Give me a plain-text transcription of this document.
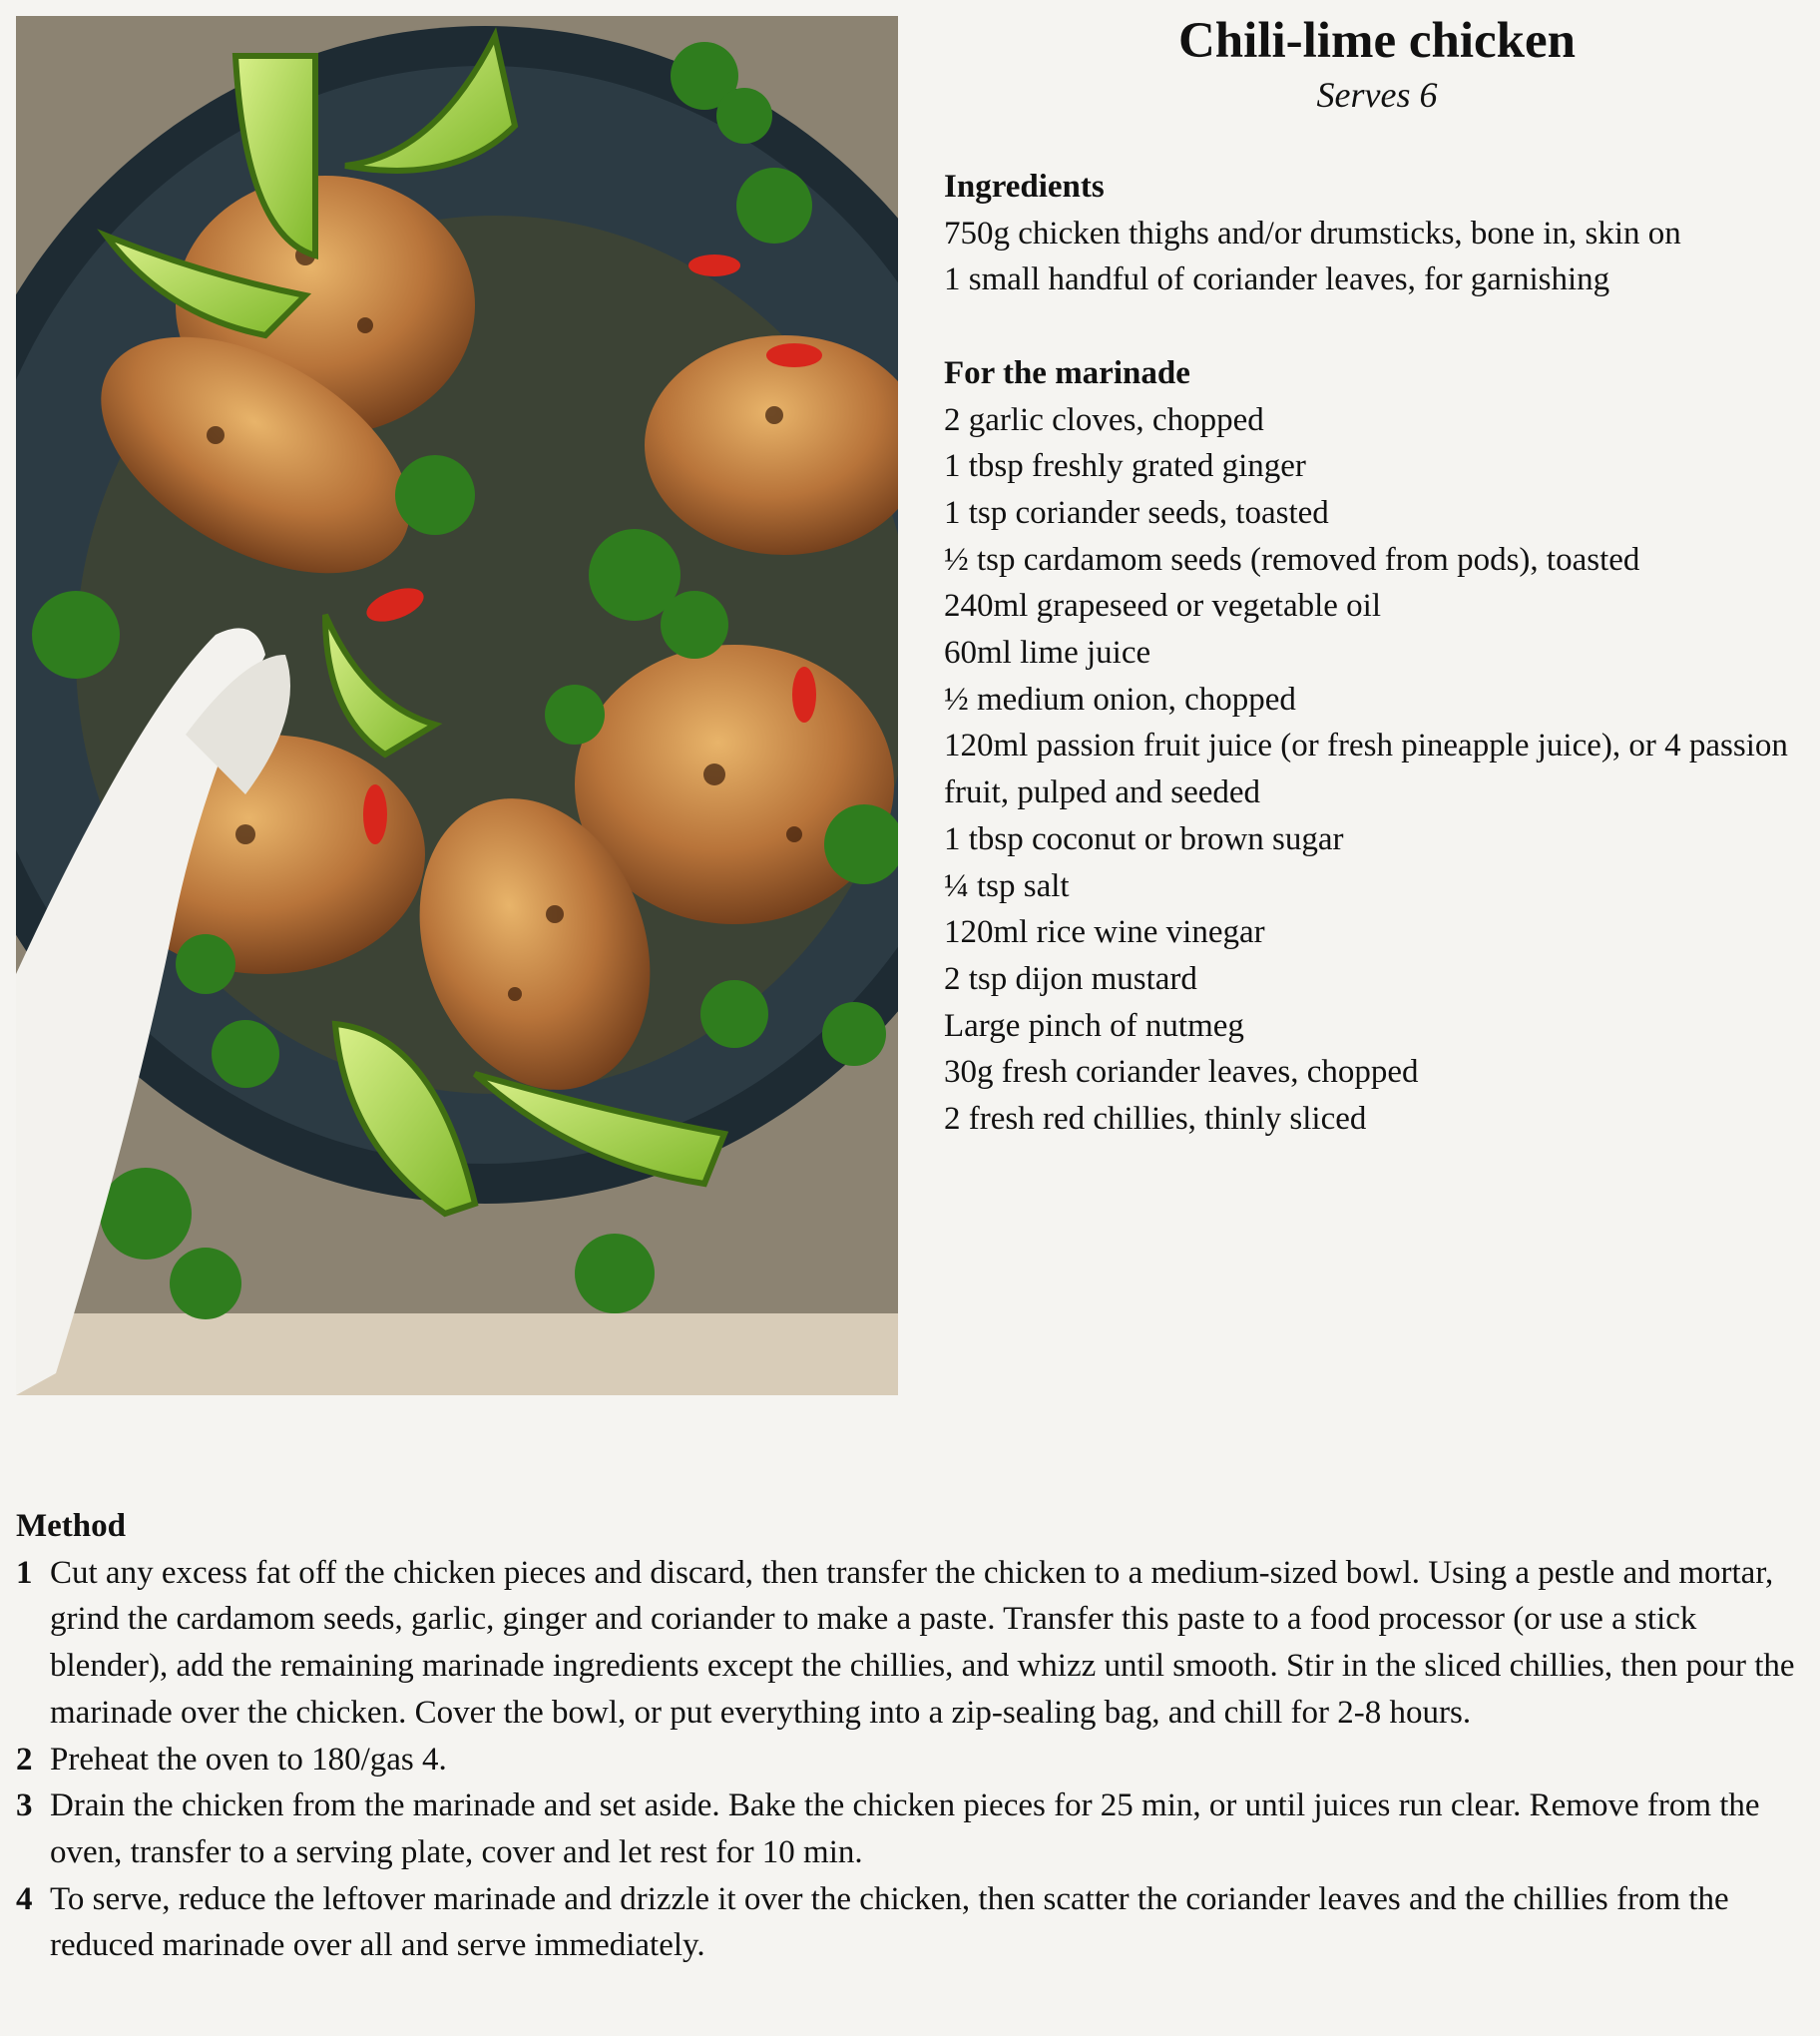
Chili-lime chicken
Serves 6
Ingredients
750g chicken thighs and/or drumsticks, bone in, skin on
1 small handful of coriander leaves, for garnishing
For the marinade
2 garlic cloves, chopped
1 tbsp freshly grated ginger
1 tsp coriander seeds, toasted
½ tsp cardamom seeds (removed from pods), toasted
240ml grapeseed or vegetable oil
60ml lime juice
½ medium onion, chopped
120ml passion fruit juice (or fresh pineapple juice), or 4 passion fruit, pulped and seeded
1 tbsp coconut or brown sugar
¼ tsp salt
120ml rice wine vinegar
2 tsp dijon mustard
Large pinch of nutmeg
30g fresh coriander leaves, chopped
2 fresh red chillies, thinly sliced
Method
1 Cut any excess fat off the chicken pieces and discard, then transfer the chicken to a medium-sized bowl. Using a pestle and mortar, grind the cardamom seeds, garlic, ginger and coriander to make a paste. Transfer this paste to a food processor (or use a stick blender), add the remaining marinade ingredients except the chillies, and whizz until smooth. Stir in the sliced chillies, then pour the marinade over the chicken. Cover the bowl, or put everything into a zip-sealing bag, and chill for 2-8 hours.
2 Preheat the oven to 180/gas 4.
3 Drain the chicken from the marinade and set aside. Bake the chicken pieces for 25 min, or until juices run clear. Remove from the oven, transfer to a serving plate, cover and let rest for 10 min.
4 To serve, reduce the leftover marinade and drizzle it over the chicken, then scatter the coriander leaves and the chillies from the reduced marinade over all and serve immediately.
